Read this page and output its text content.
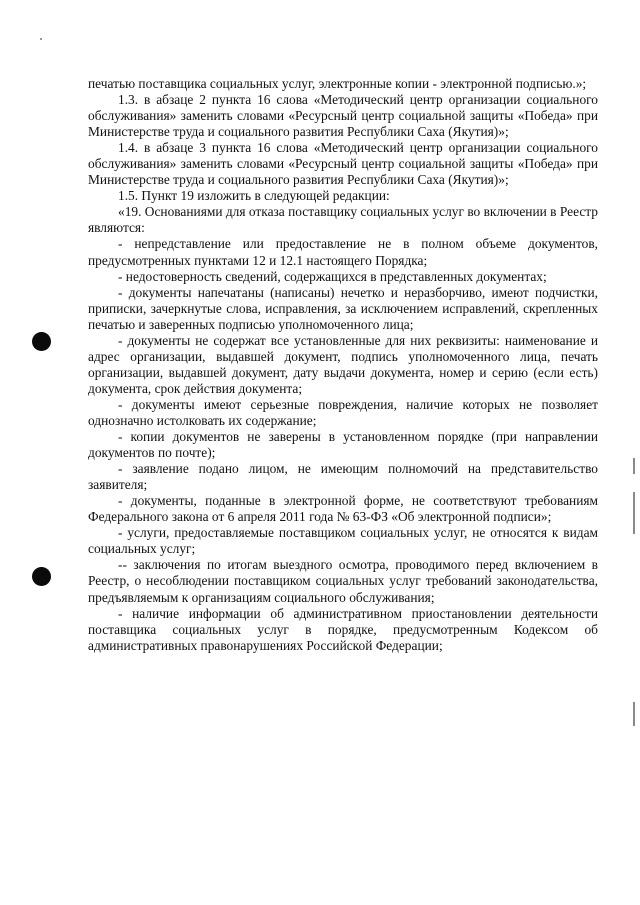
печатью поставщика социальных услуг, электронные копии - электронной подписью.»;

1.3. в абзаце 2 пункта 16 слова «Методический центр организации социального обслуживания» заменить словами «Ресурсный центр социальной защиты «Победа» при Министерстве труда и социального развития Республики Саха (Якутия)»;

1.4. в абзаце 3 пункта 16 слова «Методический центр организации социального обслуживания» заменить словами «Ресурсный центр социальной защиты «Победа» при Министерстве труда и социального развития Республики Саха (Якутия)»;

1.5. Пункт 19 изложить в следующей редакции:

«19. Основаниями для отказа поставщику социальных услуг во включении в Реестр являются:

- непредставление или предоставление не в полном объеме документов, предусмотренных пунктами 12 и 12.1 настоящего Порядка;

- недостоверность сведений, содержащихся в представленных документах;

- документы напечатаны (написаны) нечетко и неразборчиво, имеют подчистки, приписки, зачеркнутые слова, исправления, за исключением исправлений, скрепленных печатью и заверенных подписью уполномоченного лица;

- документы не содержат все установленные для них реквизиты: наименование и адрес организации, выдавшей документ, подпись уполномоченного лица, печать организации, выдавшей документ, дату выдачи документа, номер и серию (если есть) документа, срок действия документа;

- документы имеют серьезные повреждения, наличие которых не позволяет однозначно истолковать их содержание;

- копии документов не заверены в установленном порядке (при направлении документов по почте);

- заявление подано лицом, не имеющим полномочий на представительство заявителя;

- документы, поданные в электронной форме, не соответствуют требованиям Федерального закона от 6 апреля 2011 года № 63-ФЗ «Об электронной подписи»;

- услуги, предоставляемые поставщиком социальных услуг, не относятся к видам социальных услуг;

-- заключения по итогам выездного осмотра, проводимого перед включением в Реестр, о несоблюдении поставщиком социальных услуг требований законодательства, предъявляемым к организациям социального обслуживания;

- наличие информации об административном приостановлении деятельности поставщика социальных услуг в порядке, предусмотренным Кодексом об административных правонарушениях Российской Федерации;
